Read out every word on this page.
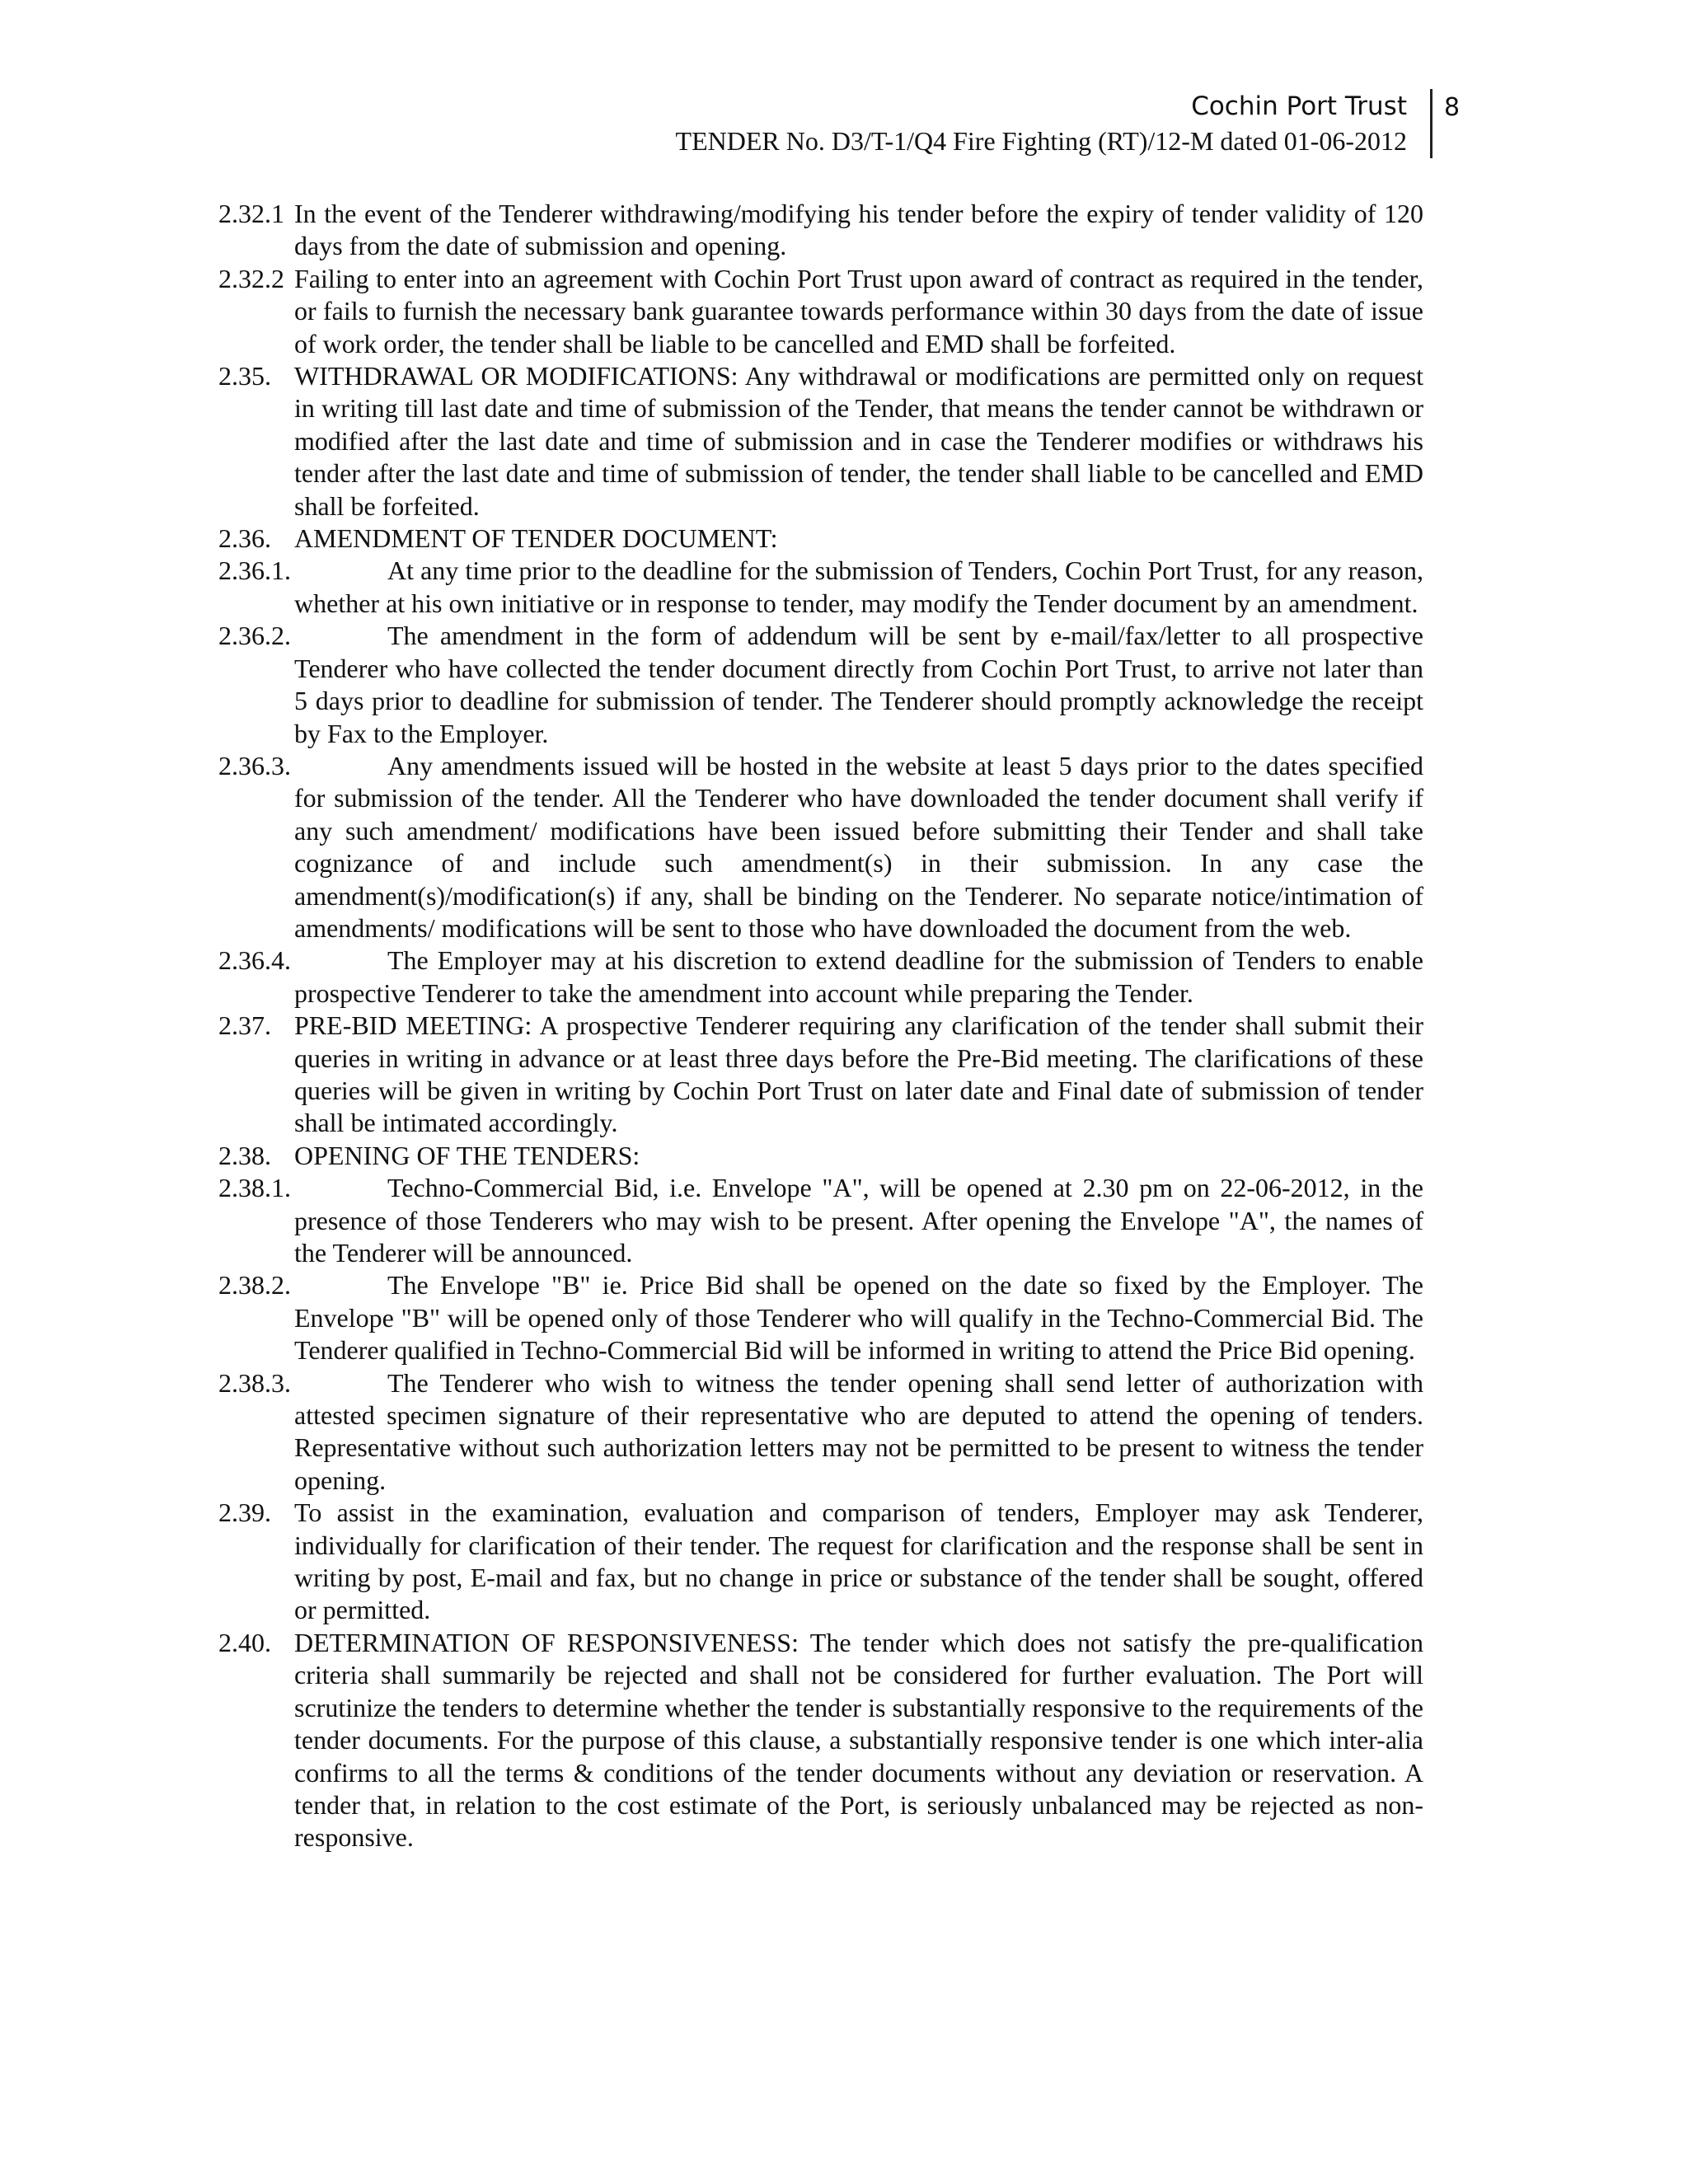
Cochin Port Trust
TENDER No. D3/T-1/Q4 Fire Fighting (RT)/12-M dated 01-06-2012
8
2.32.1 In the event of the Tenderer withdrawing/modifying his tender before the expiry of tender validity of 120 days from the date of submission and opening.
2.32.2 Failing to enter into an agreement with Cochin Port Trust upon award of contract as required in the tender, or fails to furnish the necessary bank guarantee towards performance within 30 days from the date of issue of work order, the tender shall be liable to be cancelled and EMD shall be forfeited.
2.35. WITHDRAWAL OR MODIFICATIONS: Any withdrawal or modifications are permitted only on request in writing till last date and time of submission of the Tender, that means the tender cannot be withdrawn or modified after the last date and time of submission and in case the Tenderer modifies or withdraws his tender after the last date and time of submission of tender, the tender shall liable to be cancelled and EMD shall be forfeited.
2.36. AMENDMENT OF TENDER DOCUMENT:
2.36.1.	At any time prior to the deadline for the submission of Tenders, Cochin Port Trust, for any reason, whether at his own initiative or in response to tender, may modify the Tender document by an amendment.
2.36.2.	The amendment in the form of addendum will be sent by e-mail/fax/letter to all prospective Tenderer who have collected the tender document directly from Cochin Port Trust, to arrive not later than 5 days prior to deadline for submission of tender. The Tenderer should promptly acknowledge the receipt by Fax to the Employer.
2.36.3.	Any amendments issued will be hosted in the website at least 5 days prior to the dates specified for submission of the tender. All the Tenderer who have downloaded the tender document shall verify if any such amendment/ modifications have been issued before submitting their Tender and shall take cognizance of and include such amendment(s) in their submission. In any case the amendment(s)/modification(s) if any, shall be binding on the Tenderer. No separate notice/intimation of amendments/ modifications will be sent to those who have downloaded the document from the web.
2.36.4.	The Employer may at his discretion to extend deadline for the submission of Tenders to enable prospective Tenderer to take the amendment into account while preparing the Tender.
2.37. PRE-BID MEETING: A prospective Tenderer requiring any clarification of the tender shall submit their queries in writing in advance or at least three days before the Pre-Bid meeting. The clarifications of these queries will be given in writing by Cochin Port Trust on later date and Final date of submission of tender shall be intimated accordingly.
2.38. OPENING OF THE TENDERS:
2.38.1.	Techno-Commercial Bid, i.e. Envelope "A", will be opened at 2.30 pm on 22-06-2012, in the presence of those Tenderers who may wish to be present. After opening the Envelope "A", the names of the Tenderer will be announced.
2.38.2.	The Envelope "B" ie. Price Bid shall be opened on the date so fixed by the Employer. The Envelope "B" will be opened only of those Tenderer who will qualify in the Techno-Commercial Bid. The Tenderer qualified in Techno-Commercial Bid will be informed in writing to attend the Price Bid opening.
2.38.3.	The Tenderer who wish to witness the tender opening shall send letter of authorization with attested specimen signature of their representative who are deputed to attend the opening of tenders. Representative without such authorization letters may not be permitted to be present to witness the tender opening.
2.39. To assist in the examination, evaluation and comparison of tenders, Employer may ask Tenderer, individually for clarification of their tender. The request for clarification and the response shall be sent in writing by post, E-mail and fax, but no change in price or substance of the tender shall be sought, offered or permitted.
2.40. DETERMINATION OF RESPONSIVENESS: The tender which does not satisfy the pre-qualification criteria shall summarily be rejected and shall not be considered for further evaluation. The Port will scrutinize the tenders to determine whether the tender is substantially responsive to the requirements of the tender documents. For the purpose of this clause, a substantially responsive tender is one which inter-alia confirms to all the terms & conditions of the tender documents without any deviation or reservation. A tender that, in relation to the cost estimate of the Port, is seriously unbalanced may be rejected as non-responsive.
